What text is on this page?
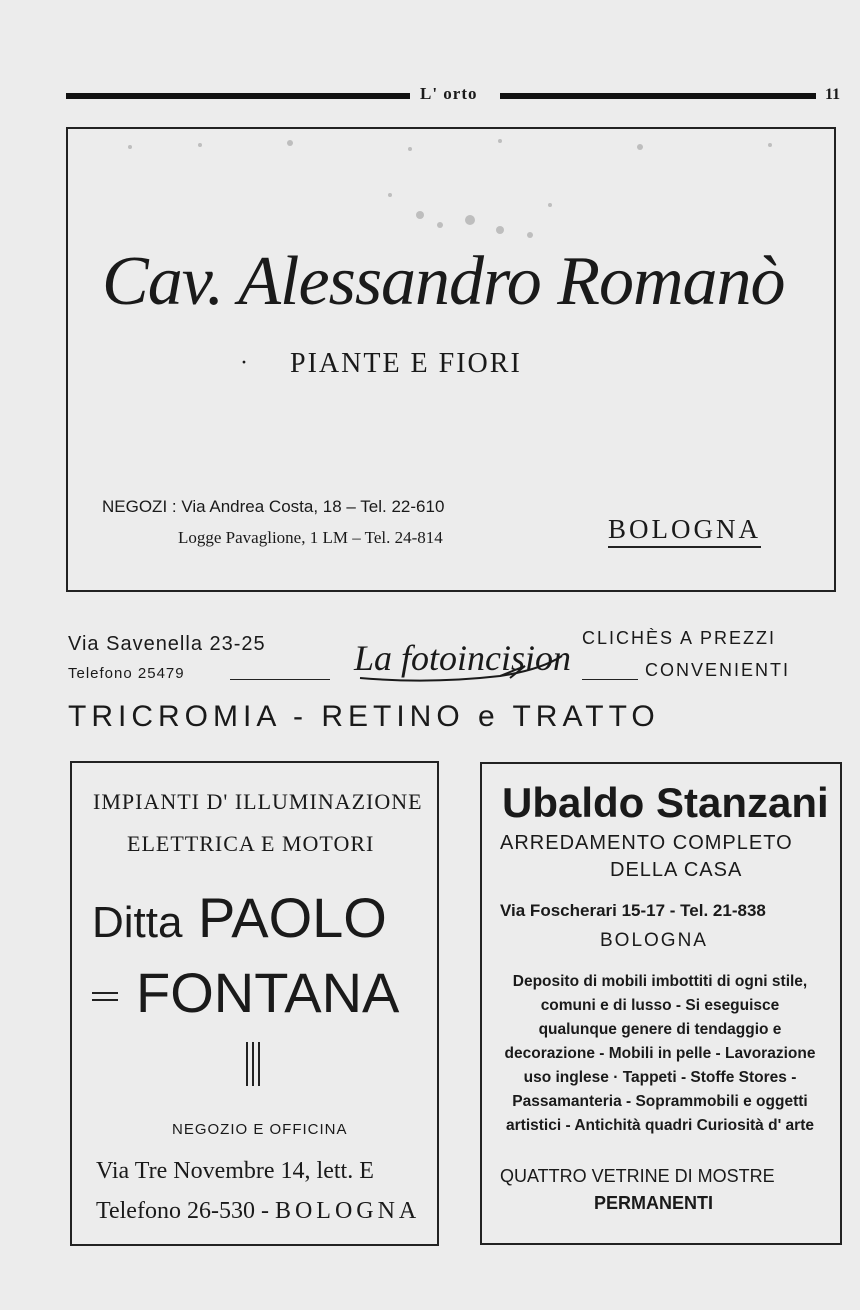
L' orto	11
Cav. Alessandro Romanò
· PIANTE E FIORI
NEGOZI : Via Andrea Costa, 18 – Tel. 22-610
Logge Pavaglione, 1 LM – Tel. 24-814	BOLOGNA
Via Savenella 23-25
Telefono 25479	La fotoincisione
CLICHÈS A PREZZI
CONVENIENTI
TRICROMIA - RETINO e TRATTO
IMPIANTI D' ILLUMINAZIONE
ELETTRICA E MOTORI
Ditta PAOLO
FONTANA
NEGOZIO E OFFICINA
Via Tre Novembre 14, lett. E
Telefono 26-530 - BOLOGNA
Ubaldo Stanzani
ARREDAMENTO COMPLETO
DELLA CASA
Via Foscherari 15-17 - Tel. 21-838
BOLOGNA
Deposito di mobili imbottiti di ogni stile, comuni e di lusso - Si eseguisce qualunque genere di tendaggio e decorazione - Mobili in pelle - Lavorazione uso inglese · Tappeti - Stoffe Stores - Passamanteria - Soprammobili e oggetti artistici - Antichità quadri Curiosità d' arte
QUATTRO VETRINE DI MOSTRE
PERMANENTI
